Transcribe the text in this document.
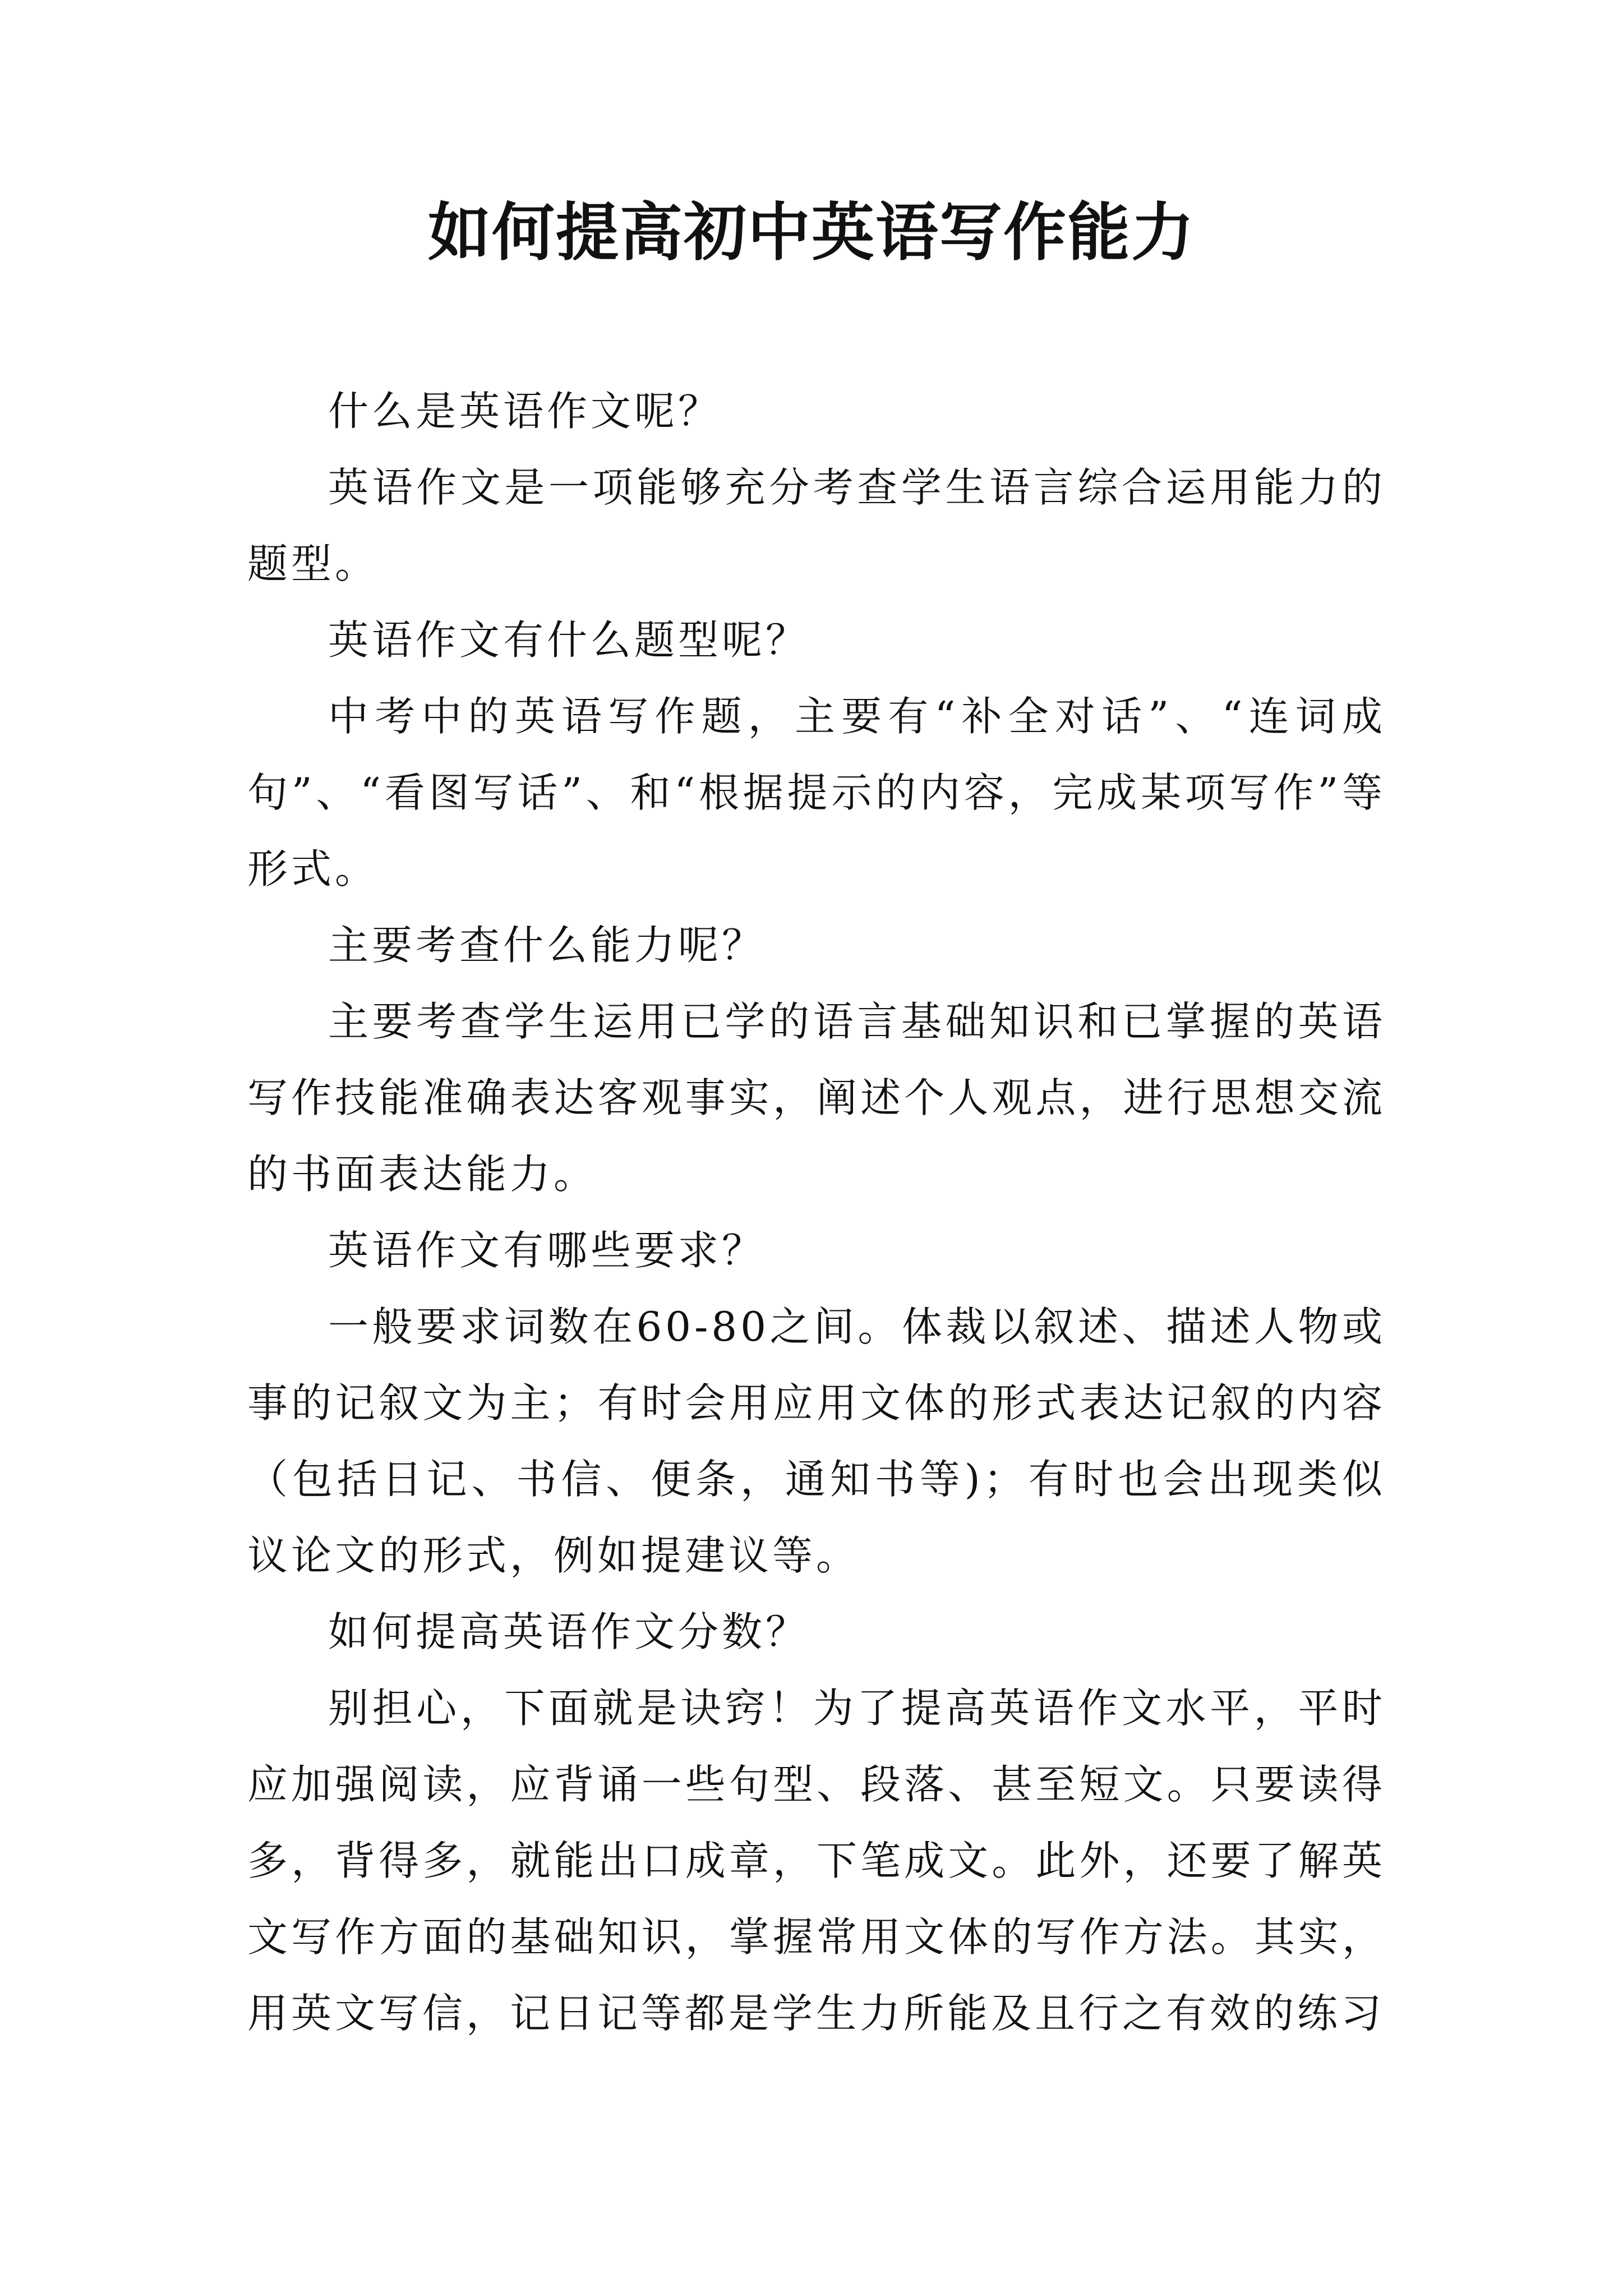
如何提高初中英语写作能力

什么是英语作文呢？

英语作文是一项能够充分考查学生语言综合运用能力的题型。

英语作文有什么题型呢？

中考中的英语写作题，主要有“补全对话”、“连词成句”、“看图写话”、和“根据提示的内容，完成某项写作”等形式。

主要考查什么能力呢？

主要考查学生运用已学的语言基础知识和已掌握的英语写作技能准确表达客观事实，阐述个人观点，进行思想交流的书面表达能力。

英语作文有哪些要求？

一般要求词数在60-80之间。体裁以叙述、描述人物或事的记叙文为主；有时会用应用文体的形式表达记叙的内容（包括日记、书信、便条，通知书等)；有时也会出现类似议论文的形式，例如提建议等。

如何提高英语作文分数？

别担心，下面就是诀窍！为了提高英语作文水平，平时应加强阅读，应背诵一些句型、段落、甚至短文。只要读得多，背得多，就能出口成章，下笔成文。此外，还要了解英文写作方面的基础知识，掌握常用文体的写作方法。其实，用英文写信，记日记等都是学生力所能及且行之有效的练习
